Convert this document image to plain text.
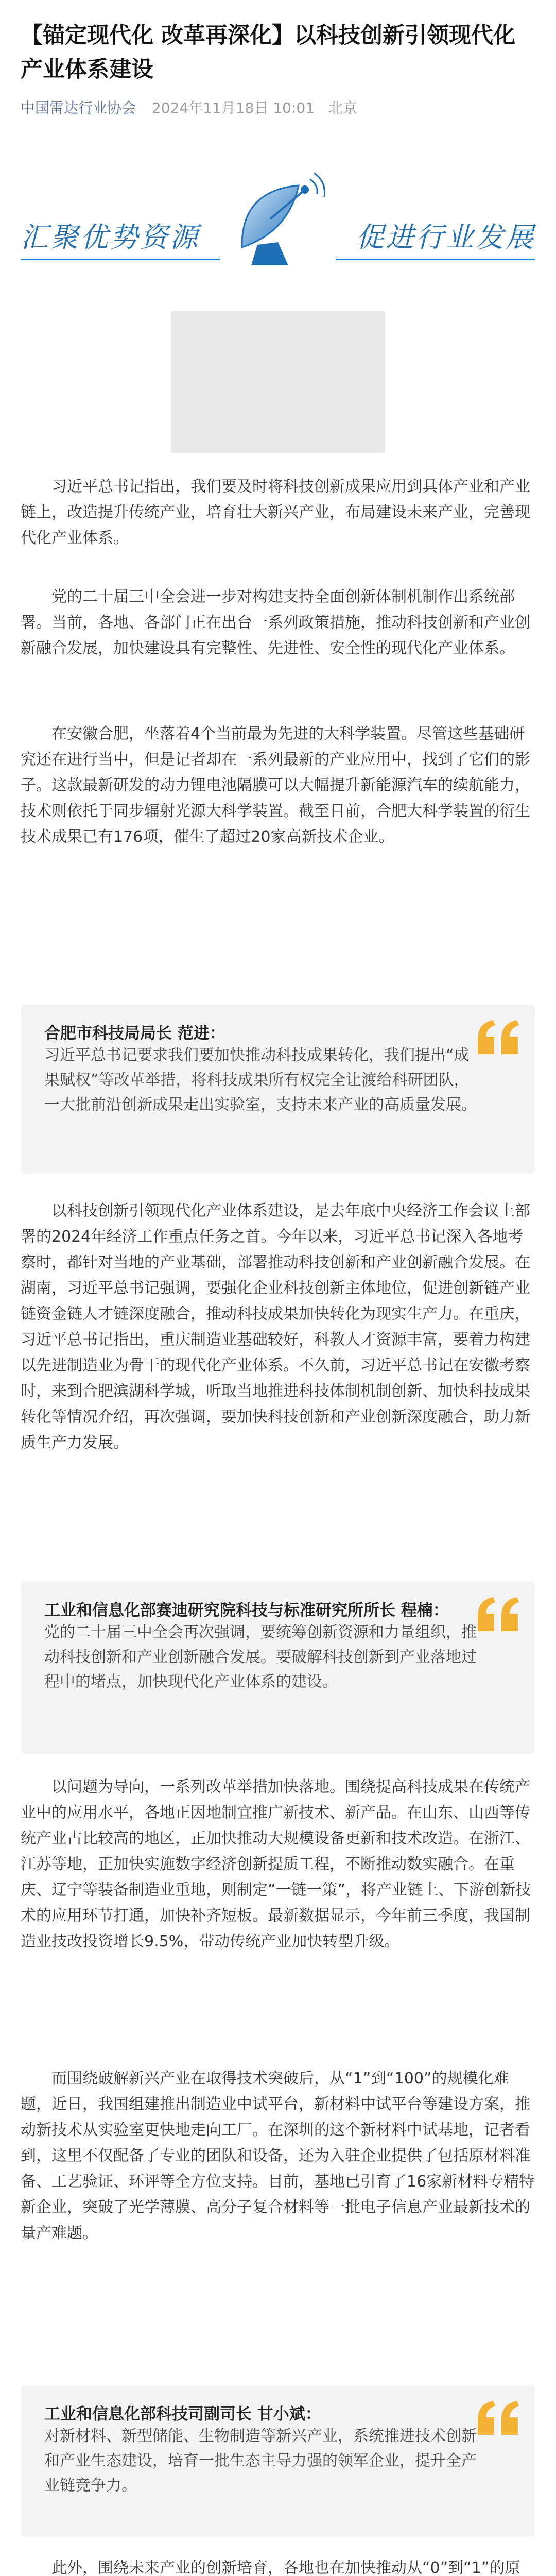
【锚定现代化 改革再深化】以科技创新引领现代化产业体系建设
中国雷达行业协会 2024年11月18日 10:01 北京
汇聚优势资源	促进行业发展

习近平总书记指出，我们要及时将科技创新成果应用到具体产业和产业链上，改造提升传统产业，培育壮大新兴产业，布局建设未来产业，完善现代化产业体系。

党的二十届三中全会进一步对构建支持全面创新体制机制作出系统部署。当前，各地、各部门正在出台一系列政策措施，推动科技创新和产业创新融合发展，加快建设具有完整性、先进性、安全性的现代化产业体系。

在安徽合肥，坐落着4个当前最为先进的大科学装置。尽管这些基础研究还在进行当中，但是记者却在一系列最新的产业应用中，找到了它们的影子。这款最新研发的动力锂电池隔膜可以大幅提升新能源汽车的续航能力，技术则依托于同步辐射光源大科学装置。截至目前，合肥大科学装置的衍生技术成果已有176项，催生了超过20家高新技术企业。

合肥市科技局局长 范进：
习近平总书记要求我们要加快推动科技成果转化，我们提出“成果赋权”等改革举措，将科技成果所有权完全让渡给科研团队，一大批前沿创新成果走出实验室，支持未来产业的高质量发展。

以科技创新引领现代化产业体系建设，是去年底中央经济工作会议上部署的2024年经济工作重点任务之首。今年以来，习近平总书记深入各地考察时，都针对当地的产业基础，部署推动科技创新和产业创新融合发展。在湖南，习近平总书记强调，要强化企业科技创新主体地位，促进创新链产业链资金链人才链深度融合，推动科技成果加快转化为现实生产力。在重庆，习近平总书记指出，重庆制造业基础较好，科教人才资源丰富，要着力构建以先进制造业为骨干的现代化产业体系。不久前，习近平总书记在安徽考察时，来到合肥滨湖科学城，听取当地推进科技体制机制创新、加快科技成果转化等情况介绍，再次强调，要加快科技创新和产业创新深度融合，助力新质生产力发展。

工业和信息化部赛迪研究院科技与标准研究所所长 程楠：
党的二十届三中全会再次强调，要统筹创新资源和力量组织，推动科技创新和产业创新融合发展。要破解科技创新到产业落地过程中的堵点，加快现代化产业体系的建设。

以问题为导向，一系列改革举措加快落地。围绕提高科技成果在传统产业中的应用水平，各地正因地制宜推广新技术、新产品。在山东、山西等传统产业占比较高的地区，正加快推动大规模设备更新和技术改造。在浙江、江苏等地，正加快实施数字经济创新提质工程，不断推动数实融合。在重庆、辽宁等装备制造业重地，则制定“一链一策”，将产业链上、下游创新技术的应用环节打通，加快补齐短板。最新数据显示，今年前三季度，我国制造业技改投资增长9.5%，带动传统产业加快转型升级。

而围绕破解新兴产业在取得技术突破后，从“1”到“100”的规模化难题，近日，我国组建推出制造业中试平台，新材料中试平台等建设方案，推动新技术从实验室更快地走向工厂。在深圳的这个新材料中试基地，记者看到，这里不仅配备了专业的团队和设备，还为入驻企业提供了包括原材料准备、工艺验证、环评等全方位支持。目前，基地已引育了16家新材料专精特新企业，突破了光学薄膜、高分子复合材料等一批电子信息产业最新技术的量产难题。

工业和信息化部科技司副司长 甘小斌：
对新材料、新型储能、生物制造等新兴产业，系统推进技术创新和产业生态建设，培育一批生态主导力强的领军企业，提升全产业链竞争力。

此外，围绕未来产业的创新培育，各地也在加快推动从“0”到“1”的原
